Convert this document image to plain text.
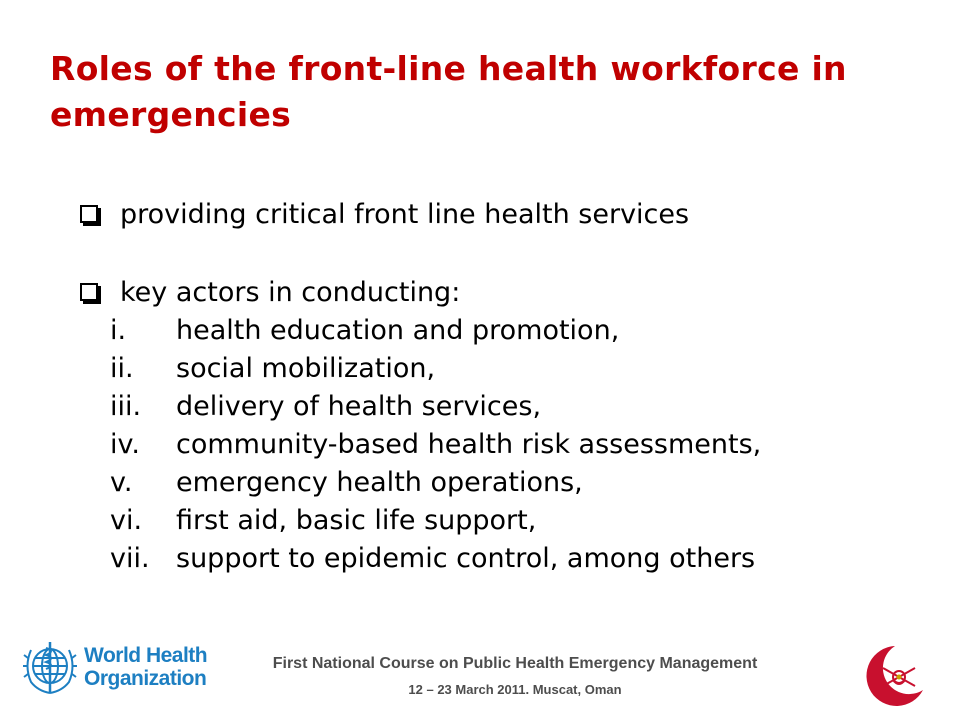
Roles of the front-line health workforce in emergencies
providing critical front line health services
key actors in conducting:
i.	health education and promotion,
ii.	social mobilization,
iii.	delivery of health services,
iv.	community-based health risk assessments,
v.	emergency health operations,
vi.	first aid, basic life support,
vii. support to epidemic control, among others
World Health
Organization
First National Course on Public Health Emergency Management
12 – 23 March 2011. Muscat, Oman
